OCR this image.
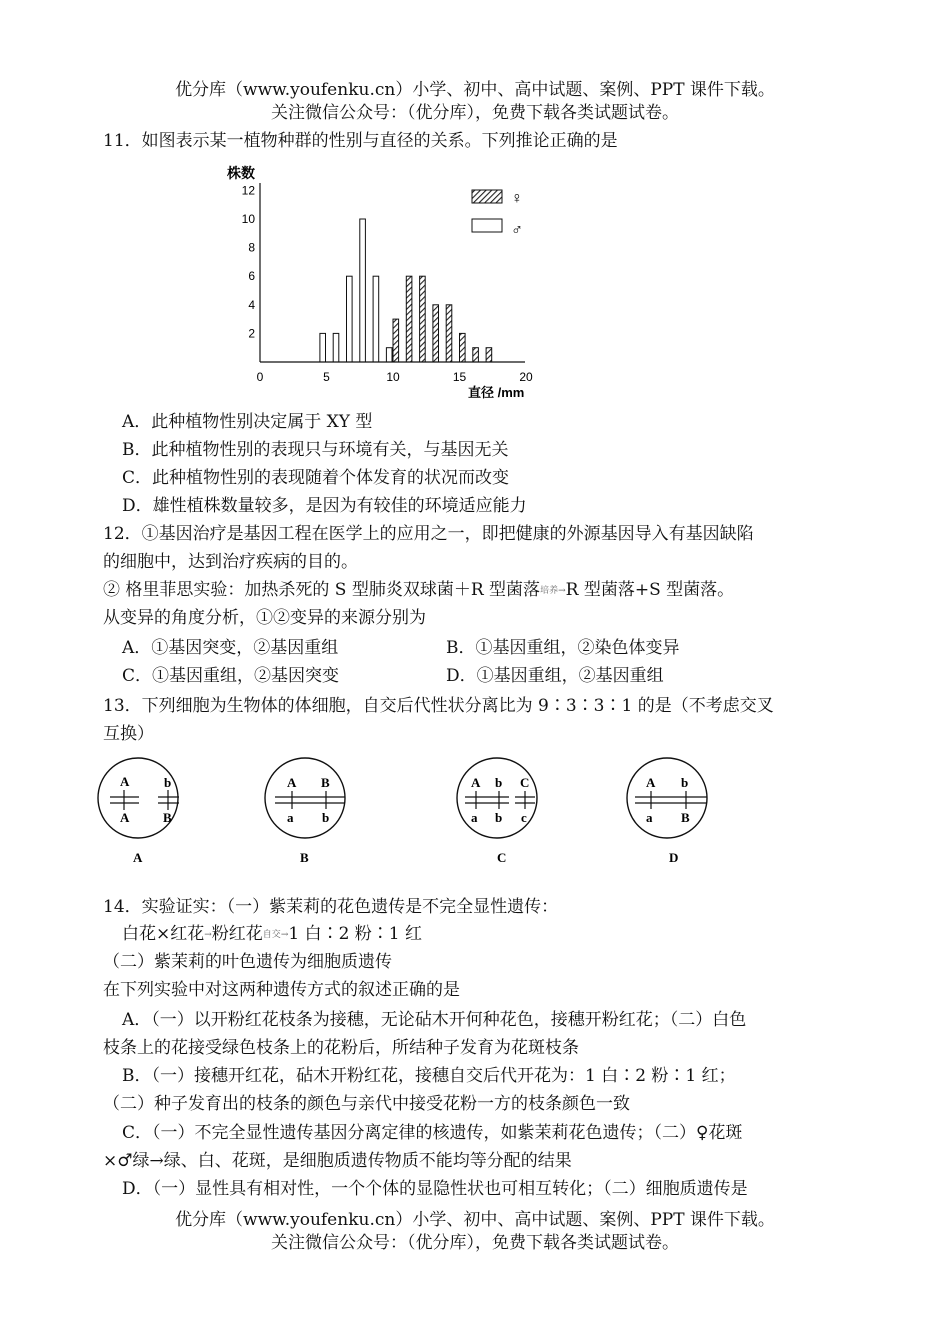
优分库（www.youfenku.cn）小学、初中、高中试题、案例、PPT 课件下载。
关注微信公众号：（优分库），免费下载各类试题试卷。
11．如图表示某一植物种群的性别与直径的关系。下列推论正确的是
株数
2
4
6
8
10
12
0	5	10	15	20
直径 /mm
♀
♂
A．此种植物性别决定属于 XY 型
B．此种植物性别的表现只与环境有关，与基因无关
C．此种植物性别的表现随着个体发育的状况而改变
D．雄性植株数量较多，是因为有较佳的环境适应能力
12．①基因治疗是基因工程在医学上的应用之一，即把健康的外源基因导入有基因缺陷
的细胞中，达到治疗疾病的目的。
② 格里菲思实验：加热杀死的 S 型肺炎双球菌＋R 型菌落培养→R 型菌落+S 型菌落。
从变异的角度分析，①②变异的来源分别为
A．①基因突变，②基因重组	B．①基因重组，②染色体变异
C．①基因重组，②基因突变	D．①基因重组，②基因重组
13．下列细胞为生物体的体细胞，自交后代性状分离比为 9∶3∶3∶1 的是（不考虑交叉
互换）
A	b
A	B
A
A B
a b
B
A b C
a b c
C
A b
a B
D
14．实验证实：（一）紫茉莉的花色遗传是不完全显性遗传：
白花×红花→粉红花自交→1 白∶2 粉∶1 红
（二）紫茉莉的叶色遗传为细胞质遗传
在下列实验中对这两种遗传方式的叙述正确的是
A．（一）以开粉红花枝条为接穗，无论砧木开何种花色，接穗开粉红花；（二）白色
枝条上的花接受绿色枝条上的花粉后，所结种子发育为花斑枝条
B．（一）接穗开红花，砧木开粉红花，接穗自交后代开花为：1 白∶2 粉∶1 红；
（二）种子发育出的枝条的颜色与亲代中接受花粉一方的枝条颜色一致
C．（一）不完全显性遗传基因分离定律的核遗传，如紫茉莉花色遗传；（二）♀花斑
×♂绿→绿、白、花斑，是细胞质遗传物质不能均等分配的结果
D．（一）显性具有相对性，一个个体的显隐性状也可相互转化；（二）细胞质遗传是
优分库（www.youfenku.cn）小学、初中、高中试题、案例、PPT 课件下载。
关注微信公众号：（优分库），免费下载各类试题试卷。
